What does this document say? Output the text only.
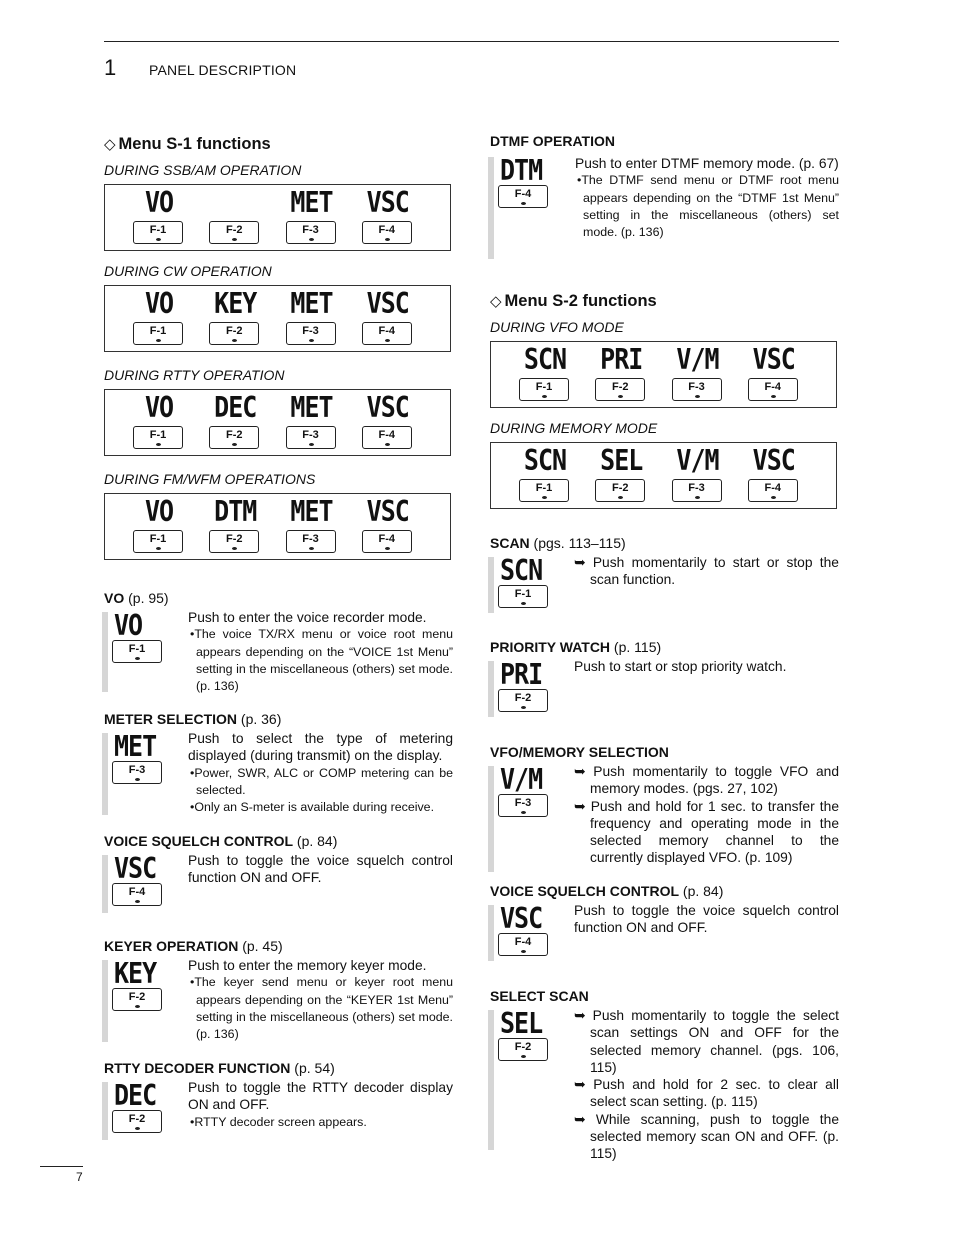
1 PANEL DESCRIPTION
7
◇ Menu S-1 functions	DTMF OPERATION
DTM
F-4
Push to enter DTMF memory mode. (p. 67)
•The DTMF send menu or DTMF root menu appears depending on the “DTMF 1st Menu” setting in the miscellaneous (others) set mode. (p. 136)
◇ Menu S-2 functions
DURING SSB/AM OPERATION
VO
F-1	F-2
MET
F-3
VSC
F-4
DURING CW OPERATION
VO
F-1
KEY
F-2
MET
F-3
VSC
F-4
DURING RTTY OPERATION
VO
F-1
DEC
F-2
MET
F-3
VSC
F-4
DURING FM/WFM OPERATIONS
VO
F-1
DTM
F-2
MET
F-3
VSC
F-4
DURING VFO MODE
SCN
F-1
PRI
F-2
V/M
F-3
VSC
F-4
DURING MEMORY MODE
SCN
F-1
SEL
F-2
V/M
F-3
VSC
F-4
VO (p. 95)
VO
F-1
Push to enter the voice recorder mode.
•The voice TX/RX menu or voice root menu appears depending on the “VOICE 1st Menu” setting in the miscellaneous (others) set mode. (p. 136)
METER SELECTION (p. 36)
MET
F-3
Push to select the type of metering displayed (during transmit) on the display.
•Power, SWR, ALC or COMP metering can be selected.
•Only an S-meter is available during receive.
VOICE SQUELCH CONTROL (p. 84)
VSC
F-4
Push to toggle the voice squelch control function ON and OFF.
KEYER OPERATION (p. 45)
KEY
F-2
Push to enter the memory keyer mode.
•The keyer send menu or keyer root menu appears depending on the “KEYER 1st Menu” setting in the miscellaneous (others) set mode.(p. 136)
RTTY DECODER FUNCTION (p. 54)
DEC
F-2
Push to toggle the RTTY decoder display ON and OFF.
•RTTY decoder screen appears.
SCAN (pgs. 113–115)
SCN
F-1
➥ Push momentarily to start or stop the scan function.
PRIORITY WATCH (p. 115)
PRI
F-2
Push to start or stop priority watch.
VFO/MEMORY SELECTION
V/M
F-3
➥ Push momentarily to toggle VFO and memory modes. (pgs. 27, 102)
➥ Push and hold for 1 sec. to transfer the frequency and operating mode in the selected memory channel to the currently displayed VFO. (p. 109)
VOICE SQUELCH CONTROL (p. 84)
VSC
F-4
Push to toggle the voice squelch control function ON and OFF.
SELECT SCAN
SEL
F-2
➥ Push momentarily to toggle the select scan settings ON and OFF for the selected memory channel. (pgs. 106, 115)
➥ Push and hold for 2 sec. to clear all select scan setting. (p. 115)
➥ While scanning, push to toggle the selected memory scan ON and OFF. (p. 115)
